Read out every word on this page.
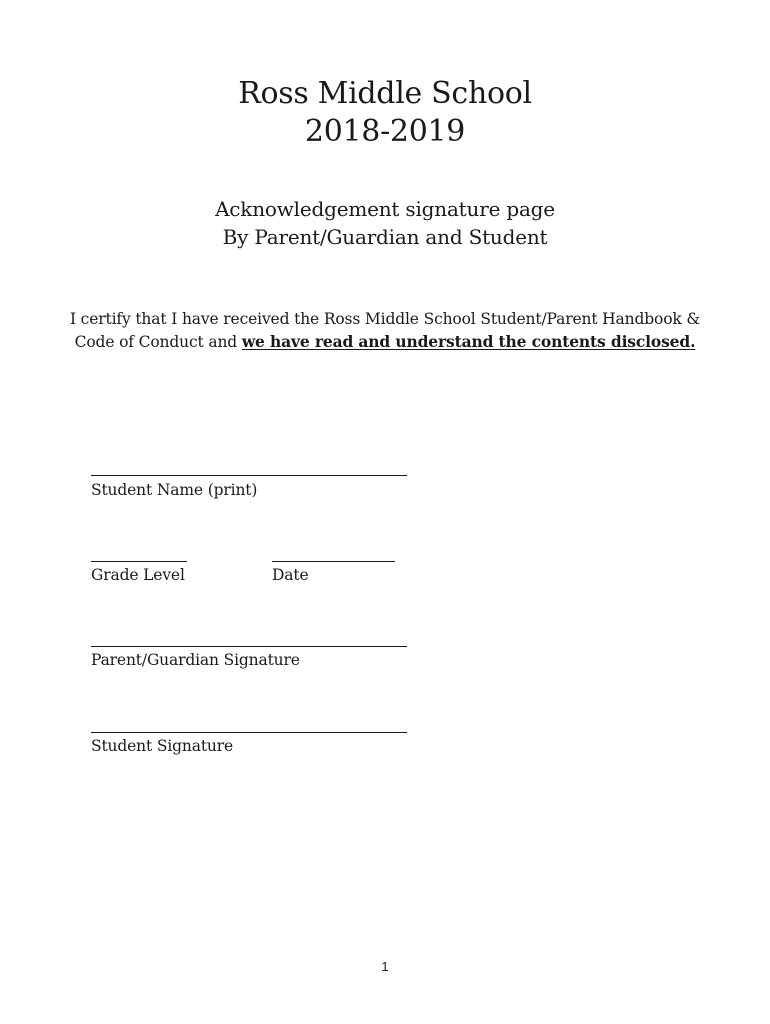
Ross Middle School
2018-2019
Acknowledgement signature page
By Parent/Guardian and Student
I certify that I have received the Ross Middle School Student/Parent Handbook &
Code of Conduct and we have read and understand the contents disclosed.
Student Name (print)
Grade Level	Date
Parent/Guardian Signature
Student Signature
1
